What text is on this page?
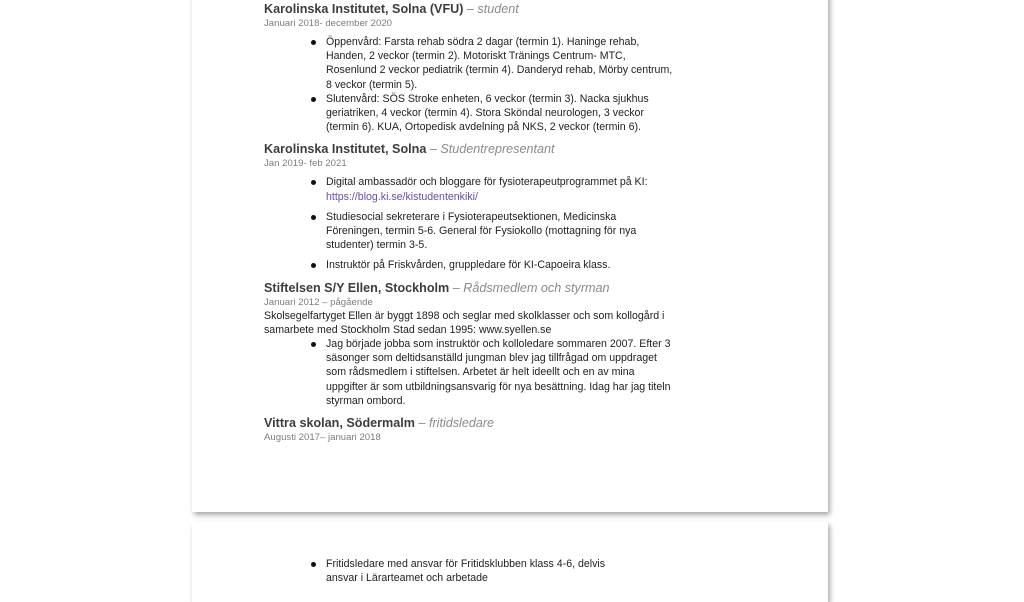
Karolinska Institutet, Solna (VFU) – student
Januari 2018- december 2020
Öppenvård: Farsta rehab södra 2 dagar (termin 1). Haninge rehab, Handen, 2 veckor (termin 2). Motoriskt Tränings Centrum- MTC, Rosenlund 2 veckor pediatrik (termin 4). Danderyd rehab, Mörby centrum, 8 veckor (termin 5).
Slutenvård: SÖS Stroke enheten, 6 veckor (termin 3). Nacka sjukhus geriatriken, 4 veckor (termin 4). Stora Sköndal neurologen, 3 veckor (termin 6). KUA, Ortopedisk avdelning på NKS, 2 veckor (termin 6).
Karolinska Institutet, Solna – Studentrepresentant
Jan 2019- feb 2021
Digital ambassadör och bloggare för fysioterapeutprogrammet på KI: https://blog.ki.se/kistudentenkiki/
Studiesocial sekreterare i Fysioterapeutsektionen, Medicinska Föreningen, termin 5-6. General för Fysiokollo (mottagning för nya studenter) termin 3-5.
Instruktör på Friskvården, gruppledare för KI-Capoeira klass.
Stiftelsen S/Y Ellen, Stockholm – Rådsmedlem och styrman
Januari 2012 – pågående

Skolsegelfartyget Ellen är byggt 1898 och seglar med skolklasser och som kollogård i samarbete med Stockholm Stad sedan 1995: www.syellen.se

Jag började jobba som instruktör och kolloledare sommaren 2007. Efter 3 säsonger som deltidsanställd jungman blev jag tillfrågad om uppdraget som rådsmedlem i stiftelsen. Arbetet är helt ideellt och en av mina uppgifter är som utbildningsansvarig för nya besättning. Idag har jag titeln styrman ombord.
Vittra skolan, Södermalm – fritidsledare
Augusti 2017– januari 2018
Fritidsledare med ansvar för Fritidsklubben klass 4-6, delvis
ansvar i Lärarteamet och arbetade
